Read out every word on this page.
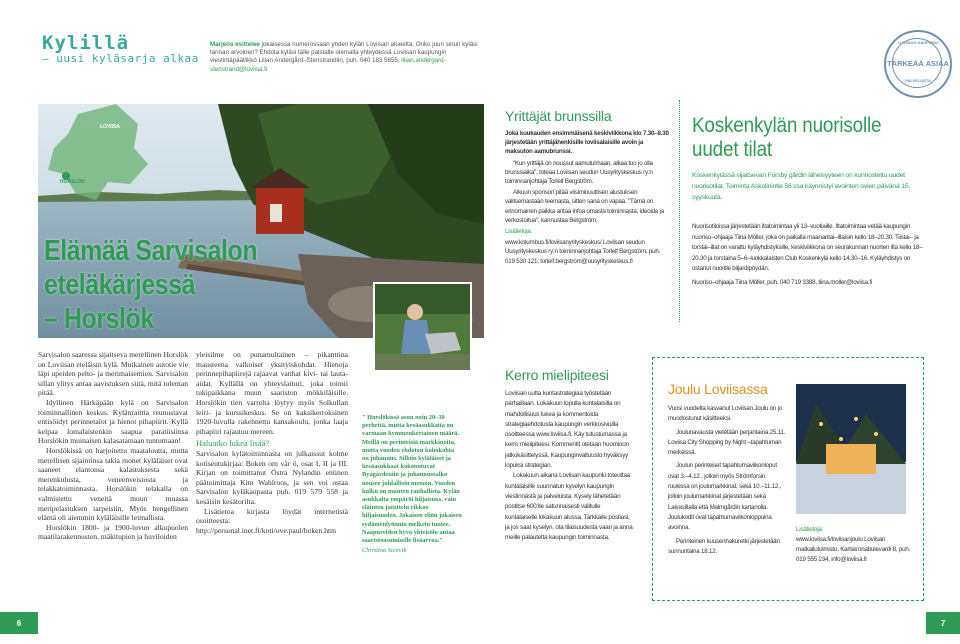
Kylillä
– uusi kyläsarja alkaa
Marjens esittelee jokaisessa numerossaan yhden kylän Loviisan alueelta. Onko juuri sinun kyläsi tarinan arvoinen? Ehdota kyläsi tälle palstalle olemalla yhteydessä Loviisan kaupungin viestintäpäällikkö Lilian Andergård–Stenstrandiin, puh. 040 183 5655, lilian.andergard-stenstrand@loviisa.fi
LOVIISAN KAUPUNKI
TÄRKEÄÄ ASIAA
PALVELUSTA
LOVIISA
HORSLÖK
Elämää Sarvisalon
eteläkärjessä
– Horslök

Sarvisalon saaressa sijaitseva merellinen Horslök on Loviisan eteläisin kylä. Mutkainen autotie vie läpi upeiden pelto- ja merimaisemien. Sarvisalon sillan ylitys antaa aavistuksen siitä, mitä tuleman pitää.

Idyllinen Härkäpään kylä on Sarvisalon toiminnallinen keskus. Kylänraittia reunustavat entisöidyt perinnetalot ja hienot pihapiirit. Kyllä kelpaa lomalaistenkin saapua paratiisiinsa Horslökin muinaisen kalasatamaan tuntumaan!

Horslökissä on harjoitettu maataloutta, mutta merellisen sijaintinsa takia monet kyläläiset ovat saaneet elantonsa kalastuksesta sekä merenkulusta, veneenveistosta ja telakkatoiminnasta. Horslökin telakalla on valmistettu veneitä muun muassa meripelastuksen tarpeisiin. Myös hengellinen elämä oli aiemmin kyläläisille leimallista.

Horslökin 1800- ja 1900-luvun alkupuolen maatilarakennusten, mäkitupien ja huviloiden

yleisilme on punamultainen – pikanttina mausteena valkoiset yksityiskohdat. Hienoja perinnepihapiirejä rajaavat vanhat kivi- tai lauta-aidat. Kyllällä on yhteyslaituri, joka toimii tukipaikkana muun saariston mökkiläisille. Horslökin tien varrelta löytyy myös Solkullan leiri- ja kurssikeskus. Se on kaksikerroksinen 1920-luvulla rakennettu kansakoulu, jonka laaja pihapiiri rajautuu mereen.

Haluatko lukea lisää?

Sarvisalon kylätoiminnasta on julkaissut kolme kotiseutukirjaa: Boken om vår ö, osat I, II ja III. Kirjan on toimittanut Östra Nylandin entinen päätoimittaja Kim Wahlroos, ja sen voi ostaa Sarvisalon kyläkaupasta puh. 019 579 558 ja kesäisin kesätorilta.

Lisätietoa kirjasta löydät internetistä osoitteesta: http://personal.inet.fi/koti/ove.paul/boken.htm

" Horslökissä asuu noin 20–30 perhettä, mutta kesäasukkaita on varmaan kymmenkertainen määrä. Meillä on perinteisiä markkinoita, mutta vuoden ehdoton kohokohta on juhannus. Silloin kyläläiset ja kesäasukkaat kokoontuvat Byagårdeniin ja juhannussalko nousee juhlallisin menoin. Vuoden kulku on muuten rauhallista. Kylän asukkaita ympäröi hiljaisuus, vain eläinten jututtelu rikkoo hiljaisuuden. Jokaisen eliön jokaisen sydämenlyönnin melkein tuntee. Naapureiden hyvä yhteisölo antaa saaristoasumiselle lisäarvoa."
Christina Stenvik
Yrittäjät brunssilla

Joka kuukauden ensimmäisenä keskiviikkona klo 7.30–8.30 järjestetään yrittäjähenkisille loviisalaisille avoin ja maksuton aamubrunssi.

"Kun yrittäjä on noussut aamutuimaan, alkaa tuo jo olla brunssiaika", toteaa Loviisan seudun Uusyrityskeskus ry:n toiminnanjohtaja Torleif Bergström.

Alkuun sponsori pitää viisiminuuttisen alustuksen valitsemastaan teemasta, sitten sana on vapaa. "Tämä on erinomainen paikka antaa infoa omasta toiminnasta, ideoida ja verkostoitua", kannustaa Bergström.

Lisätietoja:

www.kolumbus.fi/loviisanyrityskeskus/ Loviisan seudun Uusyrityskeskus ry:n toiminnanjohtaja Torleif Bergström, puh. 019 530 121, torleif.bergstrom@uusyrityskeskus.fi

Koskenkylän nuorisolle
uudet tilat
Koskenkylässä sijaitsevan Forsby gårdin läheisyyteen on kunnostettu uudet nuorisotilat. Toiminta Askolinintie 56:ssa käynnistyi avointen ovien päivänä 15. syyskuuta.

Nuorisotiloissa järjestetään iltatoimintaa yli 13–vuotiaille. Iltatoimintaa vetää kaupungin nuoriso–ohjaaja Tiina Möller, joka on paikalla maanantai–iltaisin kello 18–20.30. Tiistai– ja torstai–illat on varattu kyläyhdistyksille, keskiviikkona on seurakunnan nuorten ilta kello 18–20.30 ja torstaina 5–6–luokkalaisten Club Koskenkylä kello 14.30–16. Kyläyhdistys on ostanut nuorille biljardipöydän.

Nuoriso–ohjaaja Tiina Möller, puh. 040 719 3388, tiina.moller@loviisa.fi

Kerro mielipiteesi

Loviisan uutta kuntastrategiaa työstetään parhaillaan. Lokakuun lopulla kuntalaisilla on mahdollisuus lukea ja kommentoida strategiaehdotusta kaupungin verkkosivuilla osoitteessa www.loviisa.fi. Käy tutustumassa ja kerro mielipiteesi. Kommentit otetaan huomioon jatkokäsittelyssä. Kaupunginvaltuusto hyväksyy lopuksi strategian.

Lokakuun aikana Loviisan kaupunki toteuttaa kuntalaisille suunnatun kyselyn kaupungin viestinnästä ja palveluista. Kysely lähetetään postitse 600:lle satunnaisesti valitulle kuntalaiselle lokakuun alussa. Tarkkaile postiasi, ja jos saat kyselyn, ota tilaisuudesta vaari ja anna meille palautetta kaupungin toiminnasta.

Joulu Loviisassa

Vuosi vuodelta kasvanut Loviisan Joulu on jo muodostunut käsitteeksi.

Joulunavausta vietetään perjantaina 25.11. Loviisa City Shopping by Night –tapahtuman merkeissä.

Joulun perinteiset tapahtumaviikonloput ovat 3.–4.12., jolloin myös Strömforsin ruukissa on joulumarkkinat, sekä 10.–11.12., jolloin joulumarkkinat järjestetään sekä Laivasillalla että Malmgårdin kartanolla. Joulukodit ovat tapahtumaviikonloppuina avoinna.

Perinteinen kuusenhakuretki järjestetään sunnuntaina 18.12.

Lisätietoja:
www.loviisa.fi/loviisanjoulu Loviisan matkailutoimisto, Karlskronabulevardi 8, puh. 019 555 234, info@loviisa.fi
6	7
